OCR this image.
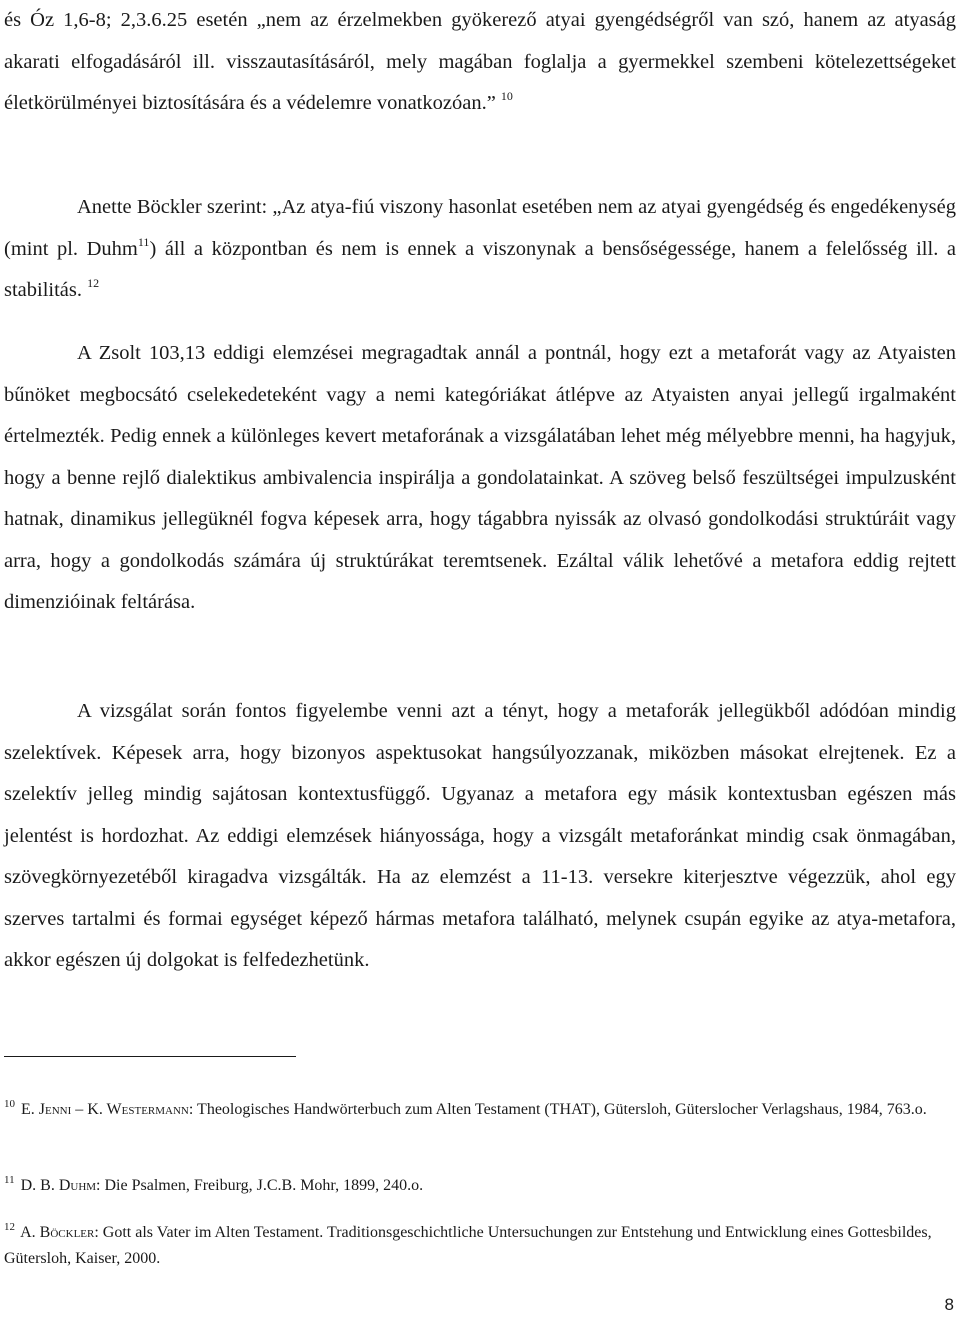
és Óz 1,6-8; 2,3.6.25 esetén „nem az érzelmekben gyökerező atyai gyengédségről van szó, hanem az atyaság akarati elfogadásáról ill. visszautasításáról, mely magában foglalja a gyermekkel szembeni kötelezettségeket életkörülményei biztosítására és a védelemre vonatkozóan.” $^{10}$

Anette Böckler szerint: „Az atya-fiú viszony hasonlat esetében nem az atyai gyengédség és engedékenység (mint pl. Duhm$^{11}$) áll a központban és nem is ennek a viszonynak a bensőségessége, hanem a felelősség ill. a stabilitás. $^{12}$

A Zsolt 103,13 eddigi elemzései megragadtak annál a pontnál, hogy ezt a metaforát vagy az Atyaisten bűnöket megbocsátó cselekedeteként vagy a nemi kategóriákat átlépve az Atyaisten anyai jellegű irgalmaként értelmezték. Pedig ennek a különleges kevert metaforának a vizsgálatában lehet még mélyebbre menni, ha hagyjuk, hogy a benne rejlő dialektikus ambivalencia inspirálja a gondolatainkat. A szöveg belső feszültségei impulzusként hatnak, dinamikus jellegüknél fogva képesek arra, hogy tágabbra nyissák az olvasó gondolkodási struktúráit vagy arra, hogy a gondolkodás számára új struktúrákat teremtsenek. Ezáltal válik lehetővé a metafora eddig rejtett dimenzióinak feltárása.

A vizsgálat során fontos figyelembe venni azt a tényt, hogy a metaforák jellegükből adódóan mindig szelektívek. Képesek arra, hogy bizonyos aspektusokat hangsúlyozzanak, miközben másokat elrejtenek. Ez a szelektív jelleg mindig sajátosan kontextusfüggő. Ugyanaz a metafora egy másik kontextusban egészen más jelentést is hordozhat. Az eddigi elemzések hiányossága, hogy a vizsgált metaforánkat mindig csak önmagában, szövegkörnyezetéből kiragadva vizsgálták. Ha az elemzést a 11-13. versekre kiterjesztve végezzük, ahol egy szerves tartalmi és formai egységet képező hármas metafora található, melynek csupán egyike az atya-metafora, akkor egészen új dolgokat is felfedezhetünk.

$^{10}$ E. Jenni – K. Westermann: Theologisches Handwörterbuch zum Alten Testament (THAT), Gütersloh, Güterslocher Verlagshaus, 1984, 763.o.

$^{11}$ D. B. Duhm: Die Psalmen, Freiburg, J.C.B. Mohr, 1899, 240.o.

$^{12}$ A. Böckler: Gott als Vater im Alten Testament. Traditionsgeschichtliche Untersuchungen zur Entstehung und Entwicklung eines Gottesbildes, Gütersloh, Kaiser, 2000.

8
